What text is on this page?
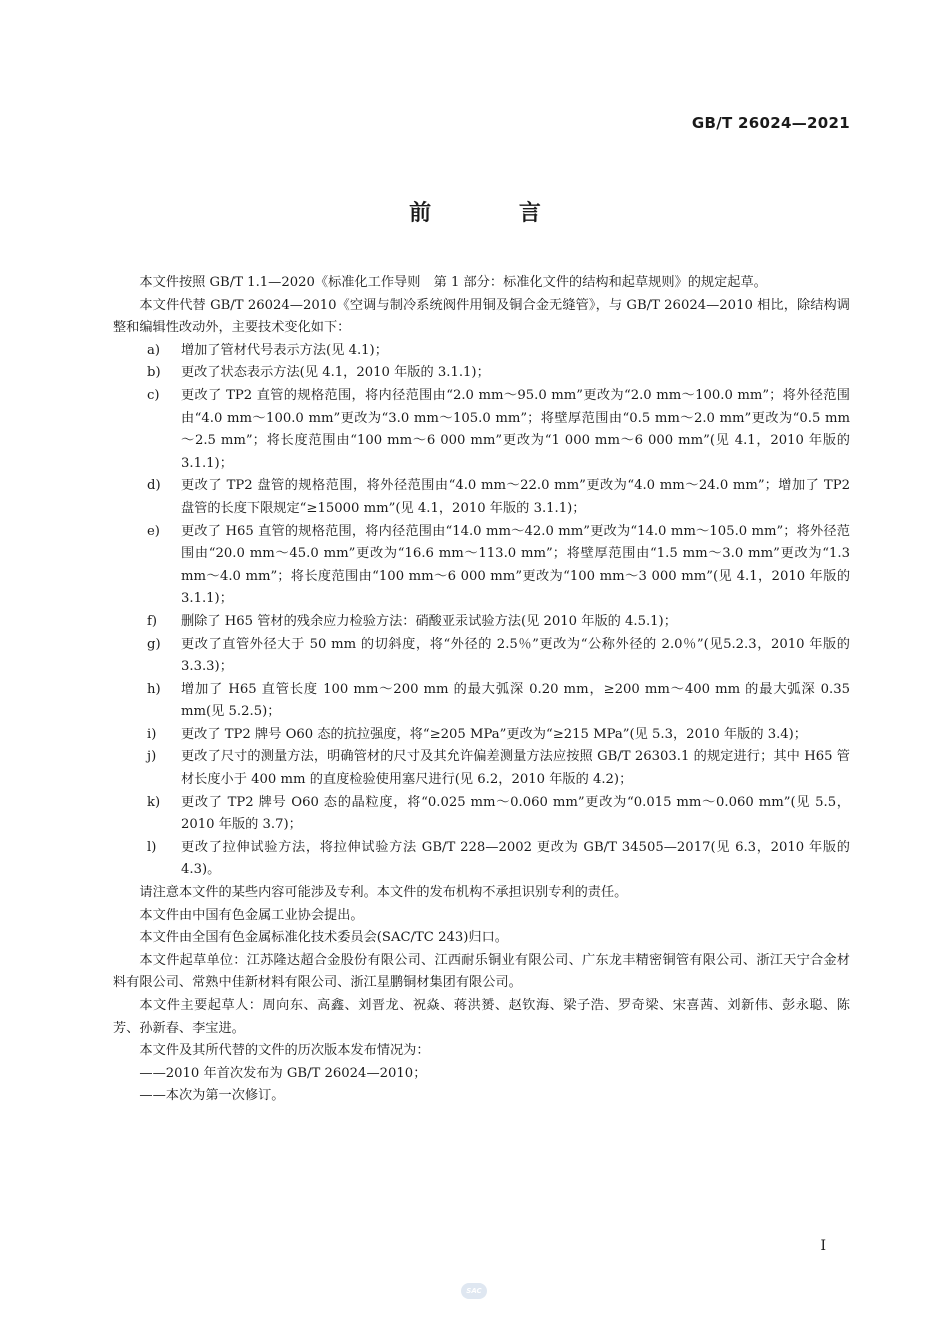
GB/T 26024—2021
前 言

本文件按照 GB/T 1.1—2020《标准化工作导则　第 1 部分：标准化文件的结构和起草规则》的规定起草。

本文件代替 GB/T 26024—2010《空调与制冷系统阀件用铜及铜合金无缝管》，与 GB/T 26024—2010 相比，除结构调整和编辑性改动外，主要技术变化如下：

a) 增加了管材代号表示方法(见 4.1)；
b) 更改了状态表示方法(见 4.1，2010 年版的 3.1.1)；
c) 更改了 TP2 直管的规格范围，将内径范围由“2.0 mm～95.0 mm”更改为“2.0 mm～100.0 mm”；将外径范围由“4.0 mm～100.0 mm”更改为“3.0 mm～105.0 mm”；将壁厚范围由“0.5 mm～2.0 mm”更改为“0.5 mm～2.5 mm”；将长度范围由“100 mm～6 000 mm”更改为“1 000 mm～6 000 mm”(见 4.1，2010 年版的 3.1.1)；
d) 更改了 TP2 盘管的规格范围，将外径范围由“4.0 mm～22.0 mm”更改为“4.0 mm～24.0 mm”；增加了 TP2 盘管的长度下限规定“≥15000 mm”(见 4.1，2010 年版的 3.1.1)；
e) 更改了 H65 直管的规格范围，将内径范围由“14.0 mm～42.0 mm”更改为“14.0 mm～105.0 mm”；将外径范围由“20.0 mm～45.0 mm”更改为“16.6 mm～113.0 mm”；将壁厚范围由“1.5 mm～3.0 mm”更改为“1.3 mm～4.0 mm”；将长度范围由“100 mm～6 000 mm”更改为“100 mm～3 000 mm”(见 4.1，2010 年版的 3.1.1)；
f) 删除了 H65 管材的残余应力检验方法：硝酸亚汞试验方法(见 2010 年版的 4.5.1)；
g) 更改了直管外径大于 50 mm 的切斜度，将“外径的 2.5％”更改为“公称外径的 2.0％”(见5.2.3，2010 年版的 3.3.3)；
h) 增加了 H65 直管长度 100 mm～200 mm 的最大弧深 0.20 mm，≥200 mm～400 mm 的最大弧深 0.35 mm(见 5.2.5)；
i) 更改了 TP2 牌号 O60 态的抗拉强度，将“≥205 MPa”更改为“≥215 MPa”(见 5.3，2010 年版的 3.4)；
j) 更改了尺寸的测量方法，明确管材的尺寸及其允许偏差测量方法应按照 GB/T 26303.1 的规定进行；其中 H65 管材长度小于 400 mm 的直度检验使用塞尺进行(见 6.2，2010 年版的 4.2)；
k) 更改了 TP2 牌号 O60 态的晶粒度，将“0.025 mm～0.060 mm”更改为“0.015 mm～0.060 mm”(见 5.5，2010 年版的 3.7)；
l) 更改了拉伸试验方法，将拉伸试验方法 GB/T 228—2002 更改为 GB/T 34505—2017(见 6.3，2010 年版的 4.3)。

请注意本文件的某些内容可能涉及专利。本文件的发布机构不承担识别专利的责任。

本文件由中国有色金属工业协会提出。

本文件由全国有色金属标准化技术委员会(SAC/TC 243)归口。

本文件起草单位：江苏隆达超合金股份有限公司、江西耐乐铜业有限公司、广东龙丰精密铜管有限公司、浙江天宁合金材料有限公司、常熟中佳新材料有限公司、浙江星鹏铜材集团有限公司。

本文件主要起草人：周向东、高鑫、刘晋龙、祝焱、蒋洪赟、赵钦海、梁子浩、罗奇梁、宋喜茜、刘新伟、彭永聪、陈芳、孙新春、李宝进。

本文件及其所代替的文件的历次版本发布情况为：

——2010 年首次发布为 GB/T 26024—2010；

——本次为第一次修订。

I
SAC
